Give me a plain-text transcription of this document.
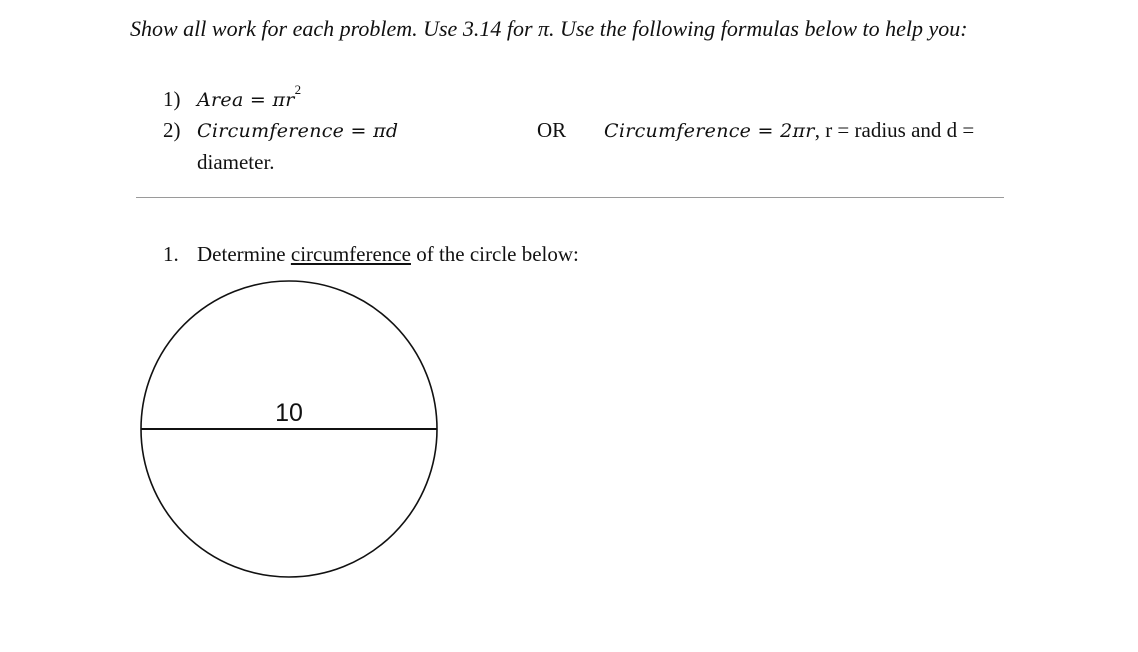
Show all work for each problem. Use 3.14 for π. Use the following formulas below to help you:
1) Area = $\pi r^2$
2) Circumference = πd	OR Circumference = 2πr, r = radius and d =
diameter.
1. Determine circumference of the circle below:
10
